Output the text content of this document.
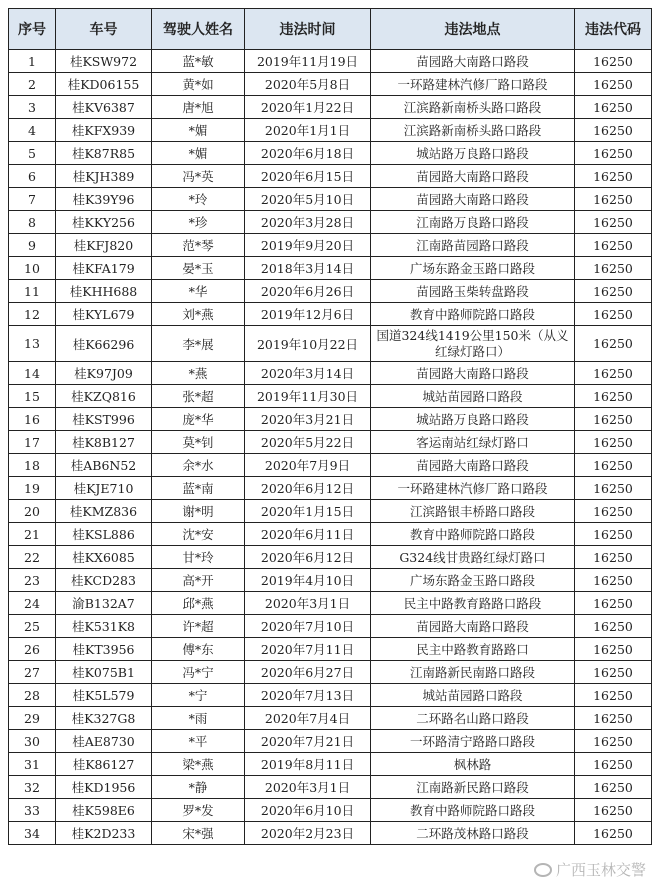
序号	车号	驾驶人姓名	违法时间	违法地点	违法代码
1	桂KSW972	蓝*敏	2019年11月19日	苗园路大南路口路段	16250
2	桂KD06155	黄*如	2020年5月8日	一环路建林汽修厂路口路段	16250
3	桂KV6387	唐*旭	2020年1月22日	江滨路新南桥头路口路段	16250
4	桂KFX939	*媚	2020年1月1日	江滨路新南桥头路口路段	16250
5	桂K87R85	*媚	2020年6月18日	城站路万良路口路段	16250
6	桂KJH389	冯*英	2020年6月15日	苗园路大南路口路段	16250
7	桂K39Y96	*玲	2020年5月10日	苗园路大南路口路段	16250
8	桂KKY256	*珍	2020年3月28日	江南路万良路口路段	16250
9	桂KFJ820	范*琴	2019年9月20日	江南路苗园路口路段	16250
10	桂KFA179	晏*玉	2018年3月14日	广场东路金玉路口路段	16250
11	桂KHH688	*华	2020年6月26日	苗园路玉柴转盘路段	16250
12	桂KYL679	刘*燕	2019年12月6日	教育中路师院路口路段	16250
13	桂K66296	李*展	2019年10月22日	国道324线1419公里150米（从义红绿灯路口）	16250
14	桂K97J09	*燕	2020年3月14日	苗园路大南路口路段	16250
15	桂KZQ816	张*超	2019年11月30日	城站苗园路口路段	16250
16	桂KST996	庞*华	2020年3月21日	城站路万良路口路段	16250
17	桂K8B127	莫*钊	2020年5月22日	客运南站红绿灯路口	16250
18	桂AB6N52	余*水	2020年7月9日	苗园路大南路口路段	16250
19	桂KJE710	蓝*南	2020年6月12日	一环路建林汽修厂路口路段	16250
20	桂KMZ836	谢*明	2020年1月15日	江滨路银丰桥路口路段	16250
21	桂KSL886	沈*安	2020年6月11日	教育中路师院路口路段	16250
22	桂KX6085	甘*玲	2020年6月12日	G324线甘贵路红绿灯路口	16250
23	桂KCD283	高*开	2019年4月10日	广场东路金玉路口路段	16250
24	渝B132A7	邱*燕	2020年3月1日	民主中路教育路路口路段	16250
25	桂K531K8	许*超	2020年7月10日	苗园路大南路口路段	16250
26	桂KT3956	傅*东	2020年7月11日	民主中路教育路路口	16250
27	桂K075B1	冯*宁	2020年6月27日	江南路新民南路口路段	16250
28	桂K5L579	*宁	2020年7月13日	城站苗园路口路段	16250
29	桂K327G8	*雨	2020年7月4日	二环路名山路口路段	16250
30	桂AE8730	*平	2020年7月21日	一环路清宁路路口路段	16250
31	桂K86127	梁*燕	2019年8月11日	枫林路	16250
32	桂KD1956	*静	2020年3月1日	江南路新民路口路段	16250
33	桂K598E6	罗*发	2020年6月10日	教育中路师院路口路段	16250
34	桂K2D233	宋*强	2020年2月23日	二环路茂林路口路段	16250
广西玉林交警
